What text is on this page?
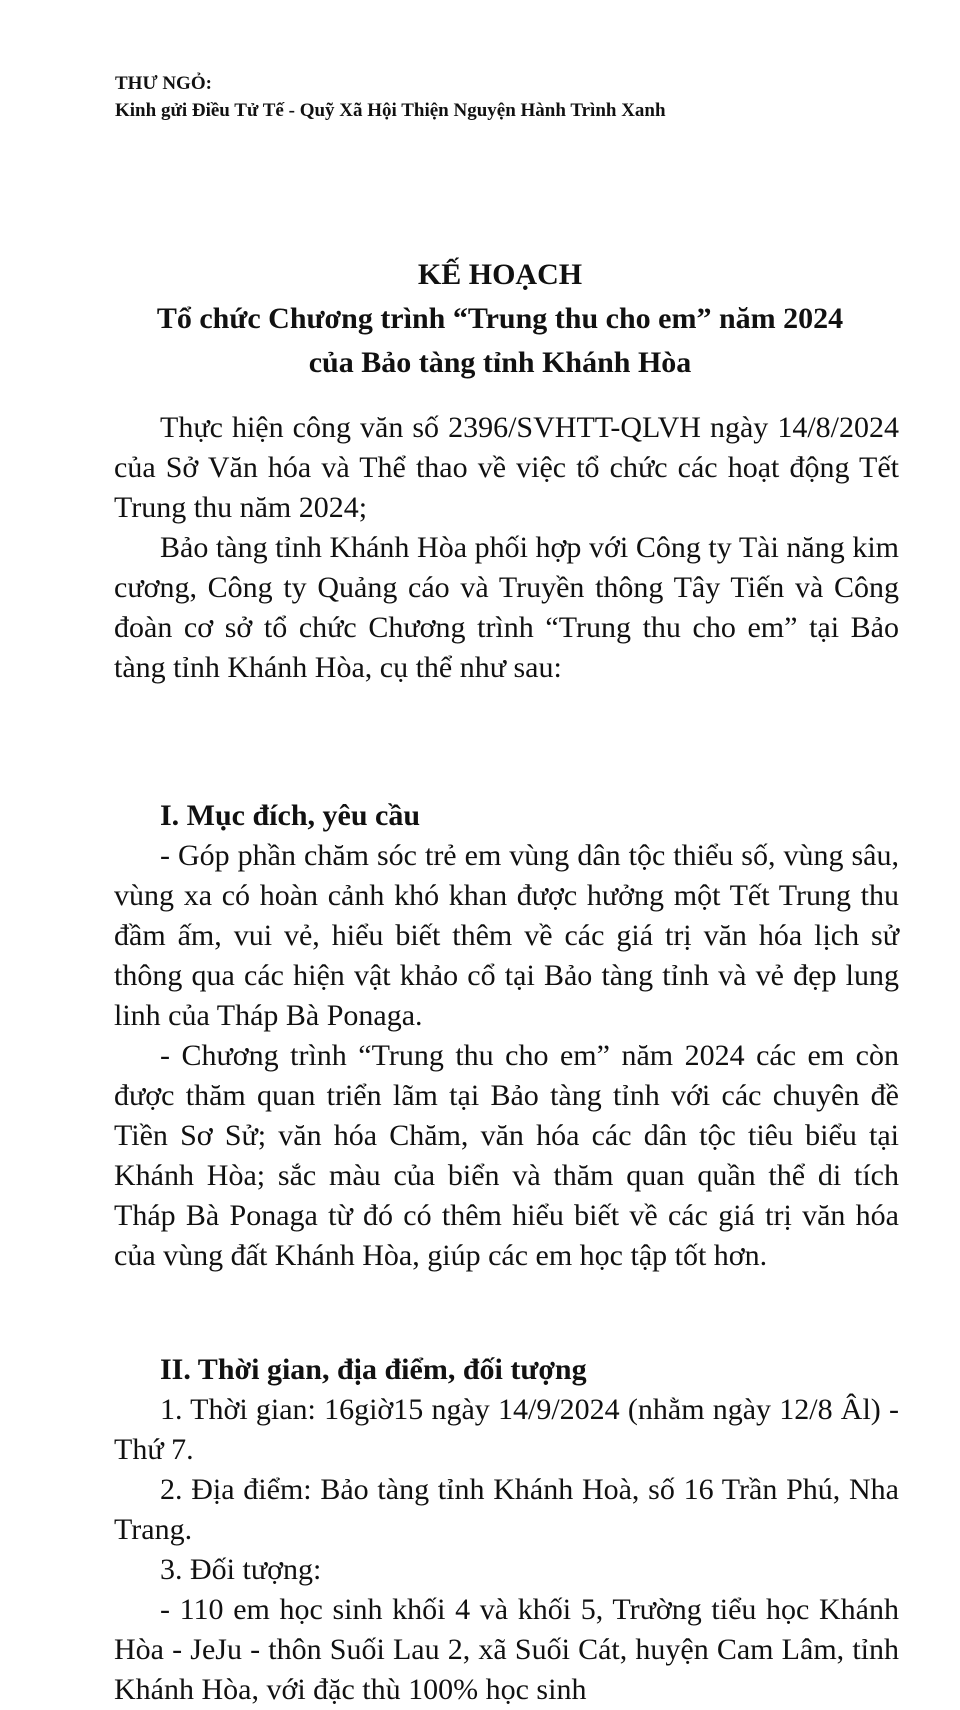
THƯ NGỎ:
Kinh gửi Điều Tử Tế - Quỹ Xã Hội Thiện Nguyện Hành Trình Xanh
KẾ HOẠCH
Tổ chức Chương trình “Trung thu cho em” năm 2024
của Bảo tàng tỉnh Khánh Hòa
Thực hiện công văn số 2396/SVHTT-QLVH ngày 14/8/2024 của Sở Văn hóa và Thể thao về việc tổ chức các hoạt động Tết Trung thu năm 2024;
Bảo tàng tỉnh Khánh Hòa phối hợp với Công ty Tài năng kim cương, Công ty Quảng cáo và Truyền thông Tây Tiến và Công đoàn cơ sở tổ chức Chương trình “Trung thu cho em” tại Bảo tàng tỉnh Khánh Hòa, cụ thể như sau:
I. Mục đích, yêu cầu
- Góp phần chăm sóc trẻ em vùng dân tộc thiểu số, vùng sâu, vùng xa có hoàn cảnh khó khan được hưởng một Tết Trung thu đầm ấm, vui vẻ, hiểu biết thêm về các giá trị văn hóa lịch sử thông qua các hiện vật khảo cổ tại Bảo tàng tỉnh và vẻ đẹp lung linh của Tháp Bà Ponaga.
- Chương trình “Trung thu cho em” năm 2024 các em còn được thăm quan triển lãm tại Bảo tàng tỉnh với các chuyên đề Tiền Sơ Sử; văn hóa Chăm, văn hóa các dân tộc tiêu biểu tại Khánh Hòa; sắc màu của biển và thăm quan quần thể di tích Tháp Bà Ponaga từ đó có thêm hiểu biết về các giá trị văn hóa của vùng đất Khánh Hòa, giúp các em học tập tốt hơn.
II. Thời gian, địa điểm, đối tượng
1. Thời gian: 16giờ15 ngày 14/9/2024 (nhằm ngày 12/8 Âl) - Thứ 7.
2. Địa điểm: Bảo tàng tỉnh Khánh Hoà, số 16 Trần Phú, Nha Trang.
3. Đối tượng:
- 110 em học sinh khối 4 và khối 5, Trường tiểu học Khánh Hòa - JeJu - thôn Suối Lau 2, xã Suối Cát, huyện Cam Lâm, tỉnh Khánh Hòa, với đặc thù 100% học sinh
